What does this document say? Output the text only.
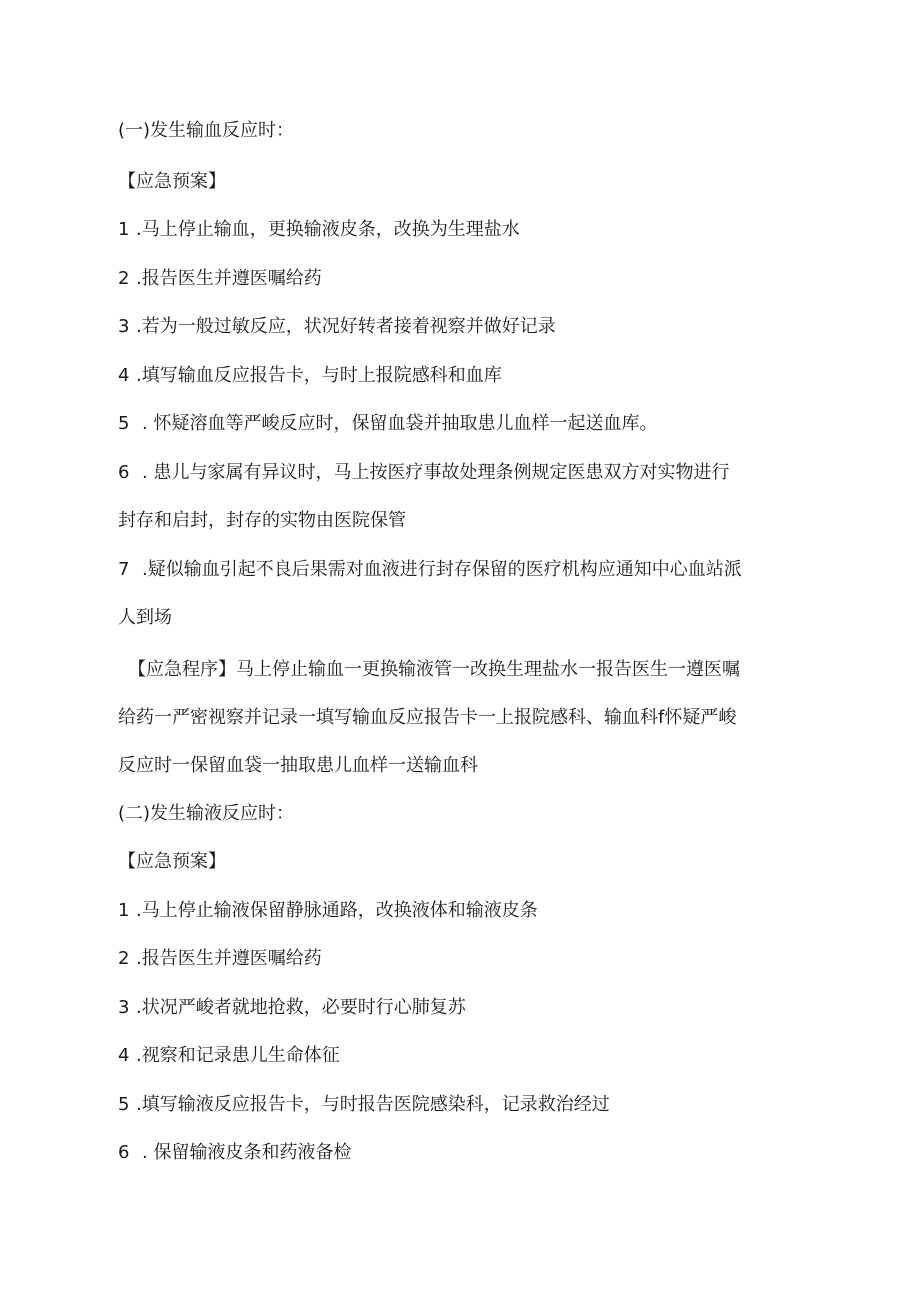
(一)发生输血反应时：
【应急预案】
1 .马上停止输血，更换输液皮条，改换为生理盐水
2 .报告医生并遵医嘱给药
3 .若为一般过敏反应，状况好转者接着视察并做好记录
4 .填写输血反应报告卡，与时上报院感科和血库
5 . 怀疑溶血等严峻反应时，保留血袋并抽取患儿血样一起送血库。
6 . 患儿与家属有异议时，马上按医疗事故处理条例规定医患双方对实物进行
封存和启封，封存的实物由医院保管
7 .疑似输血引起不良后果需对血液进行封存保留的医疗机构应通知中心血站派
人到场
【应急程序】马上停止输血一更换输液管一改换生理盐水一报告医生一遵医嘱
给药一严密视察并记录一填写输血反应报告卡一上报院感科、输血科f怀疑严峻
反应时一保留血袋一抽取患儿血样一送输血科
(二)发生输液反应时：
【应急预案】
1 .马上停止输液保留静脉通路，改换液体和输液皮条
2 .报告医生并遵医嘱给药
3 .状况严峻者就地抢救，必要时行心肺复苏
4 .视察和记录患儿生命体征
5 .填写输液反应报告卡，与时报告医院感染科，记录救治经过
6 . 保留输液皮条和药液备检
